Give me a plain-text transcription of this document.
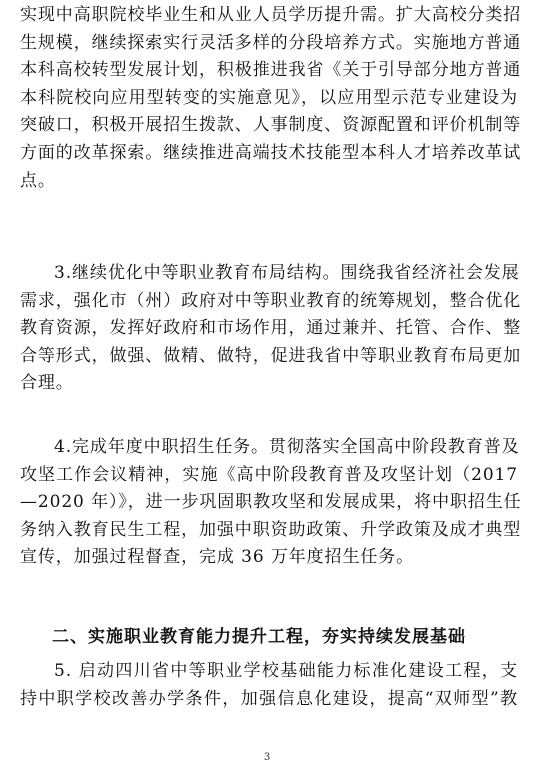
实现中高职院校毕业生和从业人员学历提升需。扩大高校分类招
生规模，继续探索实行灵活多样的分段培养方式。实施地方普通
本科高校转型发展计划，积极推进我省《关于引导部分地方普通
本科院校向应用型转变的实施意见》，以应用型示范专业建设为
突破口，积极开展招生拨款、人事制度、资源配置和评价机制等
方面的改革探索。继续推进高端技术技能型本科人才培养改革试
点。
3.继续优化中等职业教育布局结构。围绕我省经济社会发展
需求，强化市（州）政府对中等职业教育的统筹规划，整合优化
教育资源，发挥好政府和市场作用，通过兼并、托管、合作、整
合等形式，做强、做精、做特，促进我省中等职业教育布局更加
合理。
4.完成年度中职招生任务。贯彻落实全国高中阶段教育普及
攻坚工作会议精神，实施《高中阶段教育普及攻坚计划（2017
—2020 年）》，进一步巩固职教攻坚和发展成果，将中职招生任
务纳入教育民生工程，加强中职资助政策、升学政策及成才典型
宣传，加强过程督查，完成 36 万年度招生任务。
二、实施职业教育能力提升工程，夯实持续发展基础
5. 启动四川省中等职业学校基础能力标准化建设工程，支
持中职学校改善办学条件，加强信息化建设，提高“双师型”教
3
